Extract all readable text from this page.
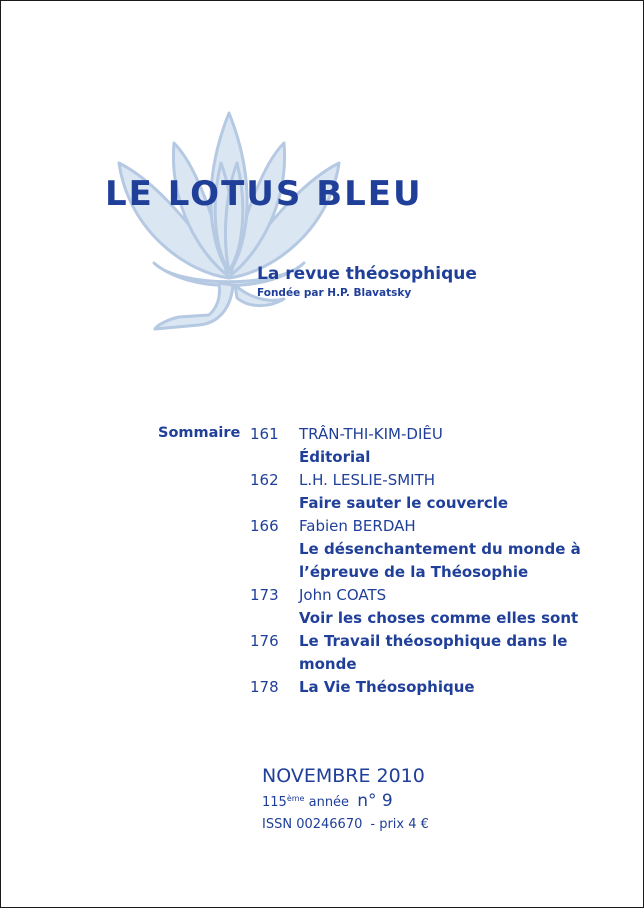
LE LOTUS BLEU
La revue théosophique
Fondée par H.P. Blavatsky
Sommaire 161	TRÂN-THI-KIM-DIÊU
Éditorial
162	L.H. LESLIE-SMITH
Faire sauter le couvercle
166	Fabien BERDAH
Le désenchantement du monde à
l’épreuve de la Théosophie
173	John COATS
Voir les choses comme elles sont
176	Le Travail théosophique dans le
monde
178	La Vie Théosophique
NOVEMBRE 2010
115ème année n° 9
ISSN 00246670 - prix 4 €
